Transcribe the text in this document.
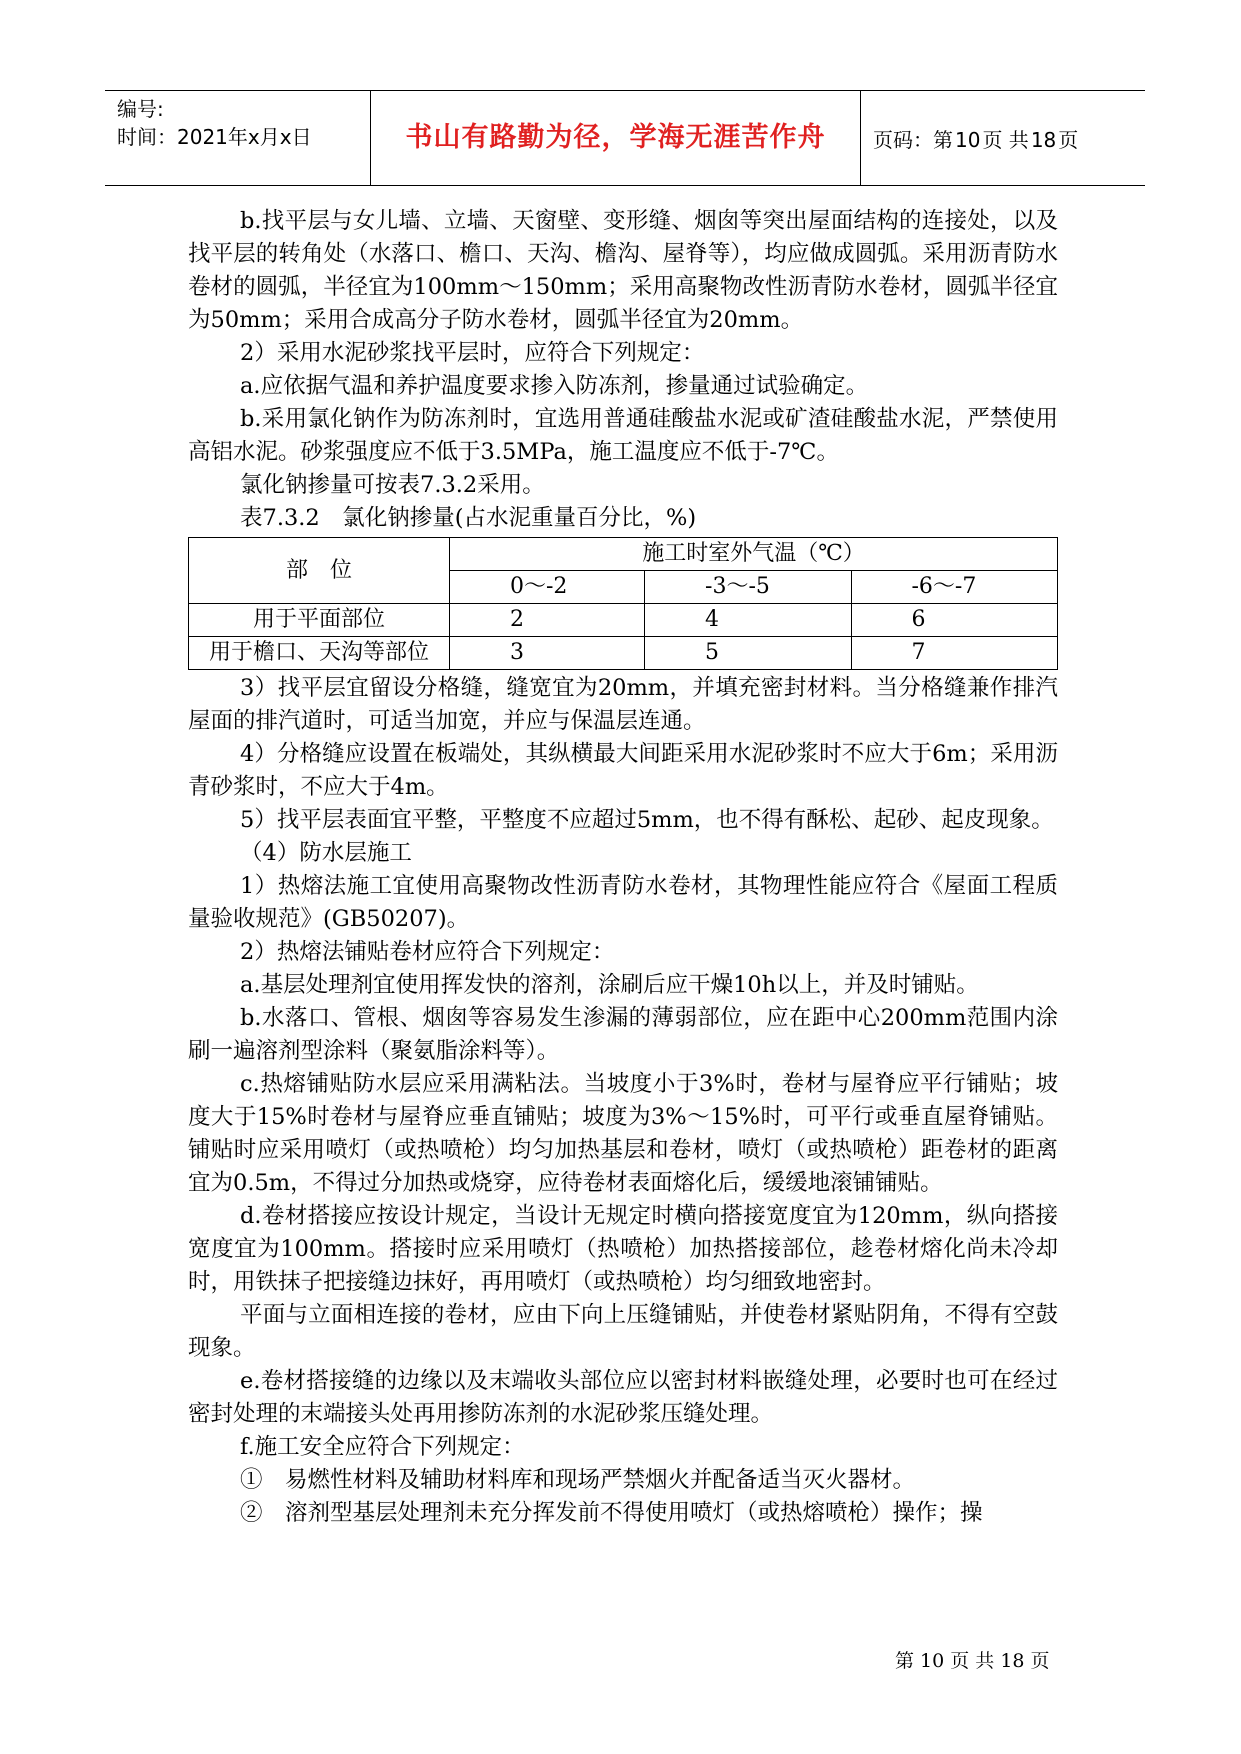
编号:
时间：2021年x月x日	书山有路勤为径，学海无涯苦作舟	页码：第 10 页 共 18 页

b.找平层与女儿墙、立墙、天窗壁、变形缝、烟囱等突出屋面结构的连接处，以及找平层的转角处（水落口、檐口、天沟、檐沟、屋脊等），均应做成圆弧。采用沥青防水卷材的圆弧，半径宜为100mm～150mm；采用高聚物改性沥青防水卷材，圆弧半径宜为50mm；采用合成高分子防水卷材，圆弧半径宜为20mm。

2）采用水泥砂浆找平层时，应符合下列规定：

a.应依据气温和养护温度要求掺入防冻剂，掺量通过试验确定。

b.采用氯化钠作为防冻剂时，宜选用普通硅酸盐水泥或矿渣硅酸盐水泥，严禁使用高铝水泥。砂浆强度应不低于3.5MPa，施工温度应不低于-7℃。

氯化钠掺量可按表7.3.2采用。

表7.3.2　氯化钠掺量(占水泥重量百分比，%)

部　位	施工时室外气温（℃）		
	0～-2	-3～-5	-6～-7
用于平面部位	2	4	6
用于檐口、天沟等部位	3	5	7

3）找平层宜留设分格缝，缝宽宜为20mm，并填充密封材料。当分格缝兼作排汽屋面的排汽道时，可适当加宽，并应与保温层连通。

4）分格缝应设置在板端处，其纵横最大间距采用水泥砂浆时不应大于6m；采用沥青砂浆时，不应大于4m。

5）找平层表面宜平整，平整度不应超过5mm，也不得有酥松、起砂、起皮现象。

（4）防水层施工

1）热熔法施工宜使用高聚物改性沥青防水卷材，其物理性能应符合《屋面工程质量验收规范》(GB50207)。

2）热熔法铺贴卷材应符合下列规定：

a.基层处理剂宜使用挥发快的溶剂，涂刷后应干燥10h以上，并及时铺贴。

b.水落口、管根、烟囱等容易发生渗漏的薄弱部位，应在距中心200mm范围内涂刷一遍溶剂型涂料（聚氨脂涂料等）。

c.热熔铺贴防水层应采用满粘法。当坡度小于3%时，卷材与屋脊应平行铺贴；坡度大于15%时卷材与屋脊应垂直铺贴；坡度为3%～15%时，可平行或垂直屋脊铺贴。铺贴时应采用喷灯（或热喷枪）均匀加热基层和卷材，喷灯（或热喷枪）距卷材的距离宜为0.5m，不得过分加热或烧穿，应待卷材表面熔化后，缓缓地滚铺铺贴。

d.卷材搭接应按设计规定，当设计无规定时横向搭接宽度宜为120mm，纵向搭接宽度宜为100mm。搭接时应采用喷灯（热喷枪）加热搭接部位，趁卷材熔化尚未冷却时，用铁抹子把接缝边抹好，再用喷灯（或热喷枪）均匀细致地密封。

平面与立面相连接的卷材，应由下向上压缝铺贴，并使卷材紧贴阴角，不得有空鼓现象。

e.卷材搭接缝的边缘以及末端收头部位应以密封材料嵌缝处理，必要时也可在经过密封处理的末端接头处再用掺防冻剂的水泥砂浆压缝处理。

f.施工安全应符合下列规定：

①　易燃性材料及辅助材料库和现场严禁烟火并配备适当灭火器材。

②　溶剂型基层处理剂未充分挥发前不得使用喷灯（或热熔喷枪）操作；操

第 10 页 共 18 页
